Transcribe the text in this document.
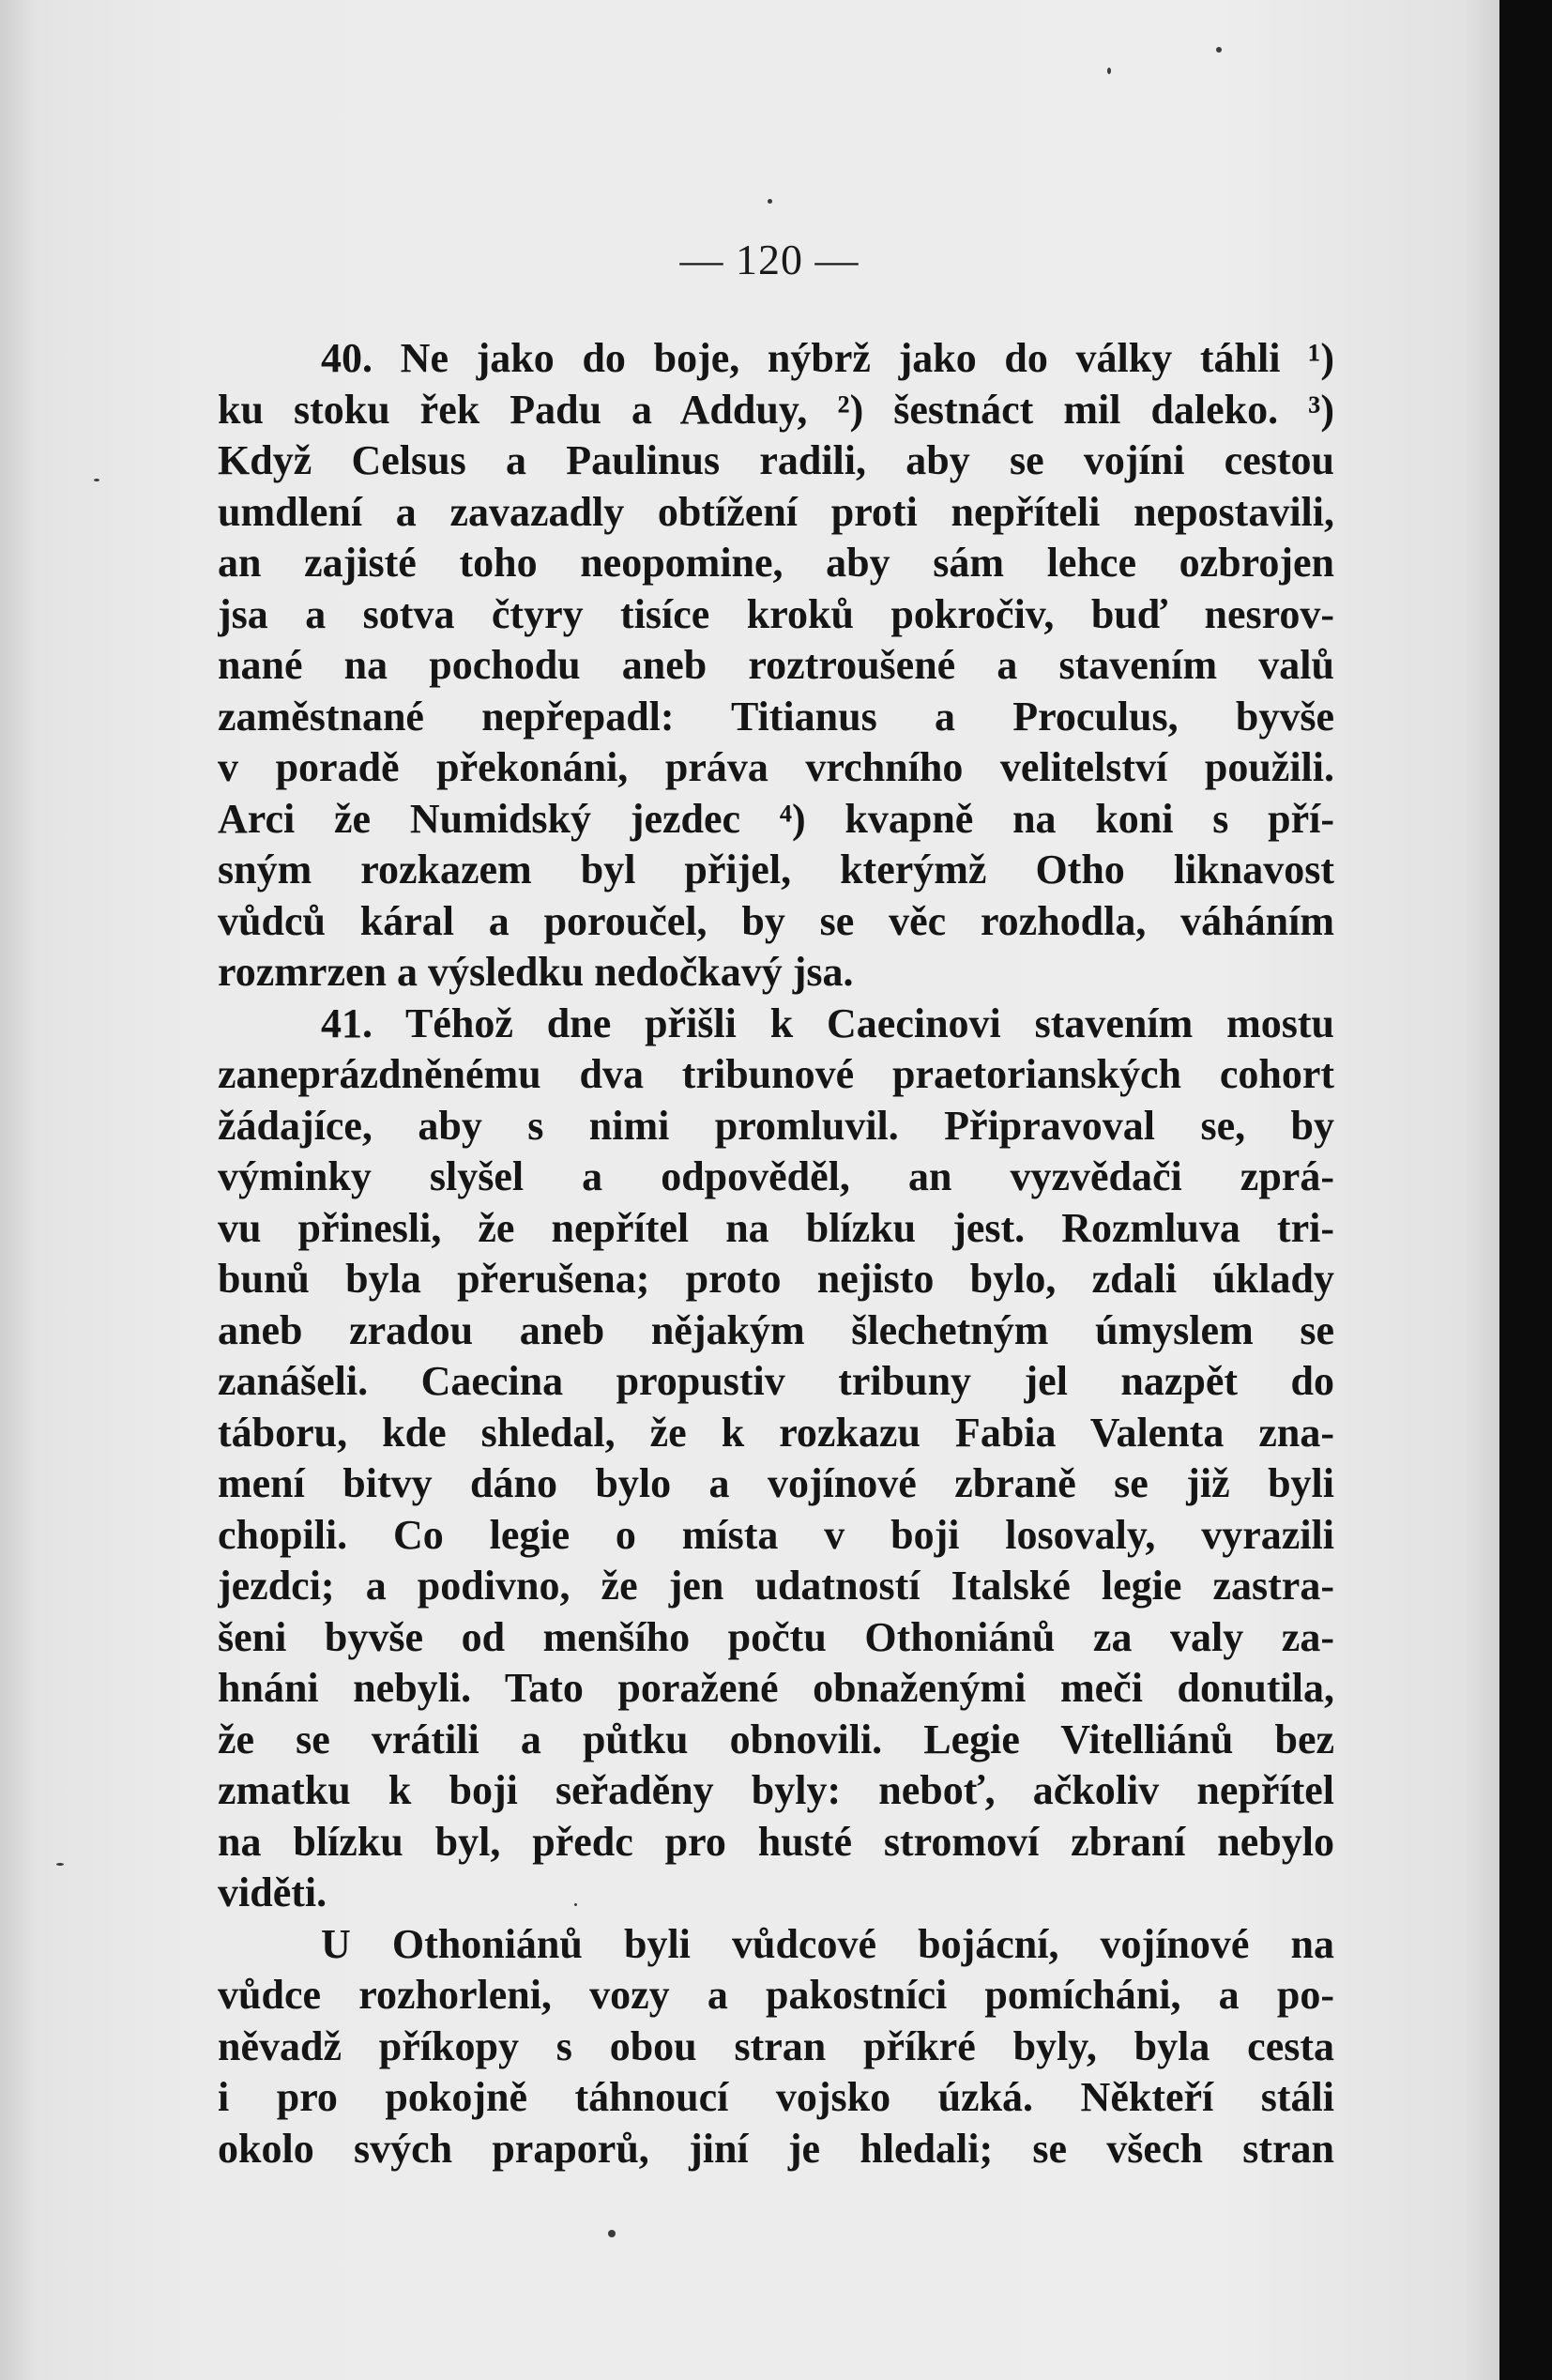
— 120 —
40. Ne jako do boje, nýbrž jako do války táhli ¹)
ku stoku řek Padu a Adduy, ²) šestnáct mil daleko. ³)
Když Celsus a Paulinus radili, aby se vojíni cestou
umdlení a zavazadly obtížení proti nepříteli nepostavili,
an zajisté toho neopomine, aby sám lehce ozbrojen
jsa a sotva čtyry tisíce kroků pokročiv, buď nesrov-
nané na pochodu aneb roztroušené a stavením valů
zaměstnané nepřepadl: Titianus a Proculus, byvše
v poradě překonáni, práva vrchního velitelství použili.
Arci že Numidský jezdec ⁴) kvapně na koni s pří-
sným rozkazem byl přijel, kterýmž Otho liknavost
vůdců káral a poroučel, by se věc rozhodla, váháním
rozmrzen a výsledku nedočkavý jsa.
41. Téhož dne přišli k Caecinovi stavením mostu
zaneprázdněnému dva tribunové praetorianských cohort
žádajíce, aby s nimi promluvil. Připravoval se, by
výminky slyšel a odpověděl, an vyzvědači zprá-
vu přinesli, že nepřítel na blízku jest. Rozmluva tri-
bunů byla přerušena; proto nejisto bylo, zdali úklady
aneb zradou aneb nějakým šlechetným úmyslem se
zanášeli. Caecina propustiv tribuny jel nazpět do
táboru, kde shledal, že k rozkazu Fabia Valenta zna-
mení bitvy dáno bylo a vojínové zbraně se již byli
chopili. Co legie o místa v boji losovaly, vyrazili
jezdci; a podivno, že jen udatností Italské legie zastra-
šeni byvše od menšího počtu Othoniánů za valy za-
hnáni nebyli. Tato poražené obnaženými meči donutila,
že se vrátili a půtku obnovili. Legie Vitelliánů bez
zmatku k boji seřaděny byly: neboť, ačkoliv nepřítel
na blízku byl, předc pro husté stromoví zbraní nebylo
viděti.
U Othoniánů byli vůdcové bojácní, vojínové na
vůdce rozhorleni, vozy a pakostníci pomícháni, a po-
něvadž příkopy s obou stran příkré byly, byla cesta
i pro pokojně táhnoucí vojsko úzká. Někteří stáli
okolo svých praporů, jiní je hledali; se všech stran
